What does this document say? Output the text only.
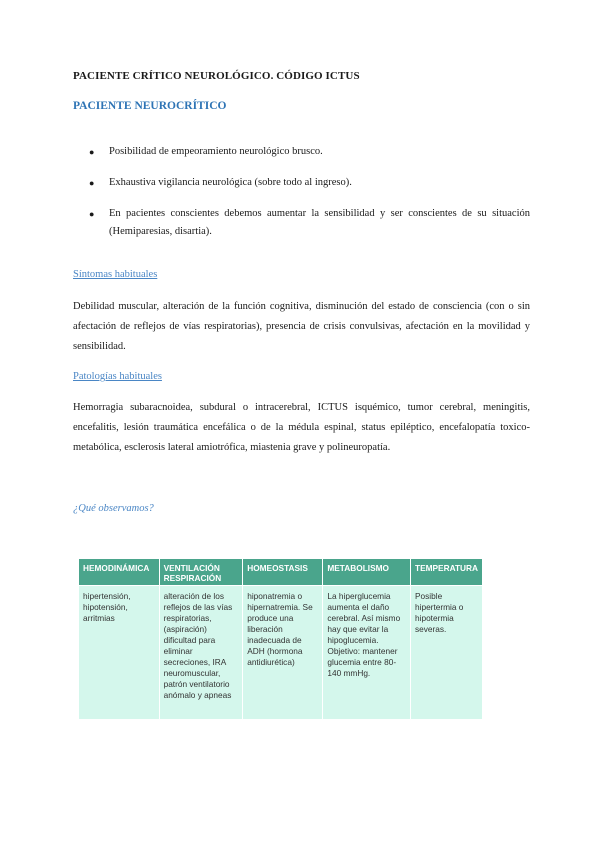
PACIENTE CRÍTICO NEUROLÓGICO. CÓDIGO ICTUS
PACIENTE NEUROCRÍTICO
● Posibilidad de empeoramiento neurológico brusco.
● Exhaustiva vigilancia neurológica (sobre todo al ingreso).
● En pacientes conscientes debemos aumentar la sensibilidad y ser conscientes de su situación (Hemiparesias, disartia).
Síntomas habituales
Debilidad muscular, alteración de la función cognitiva, disminución del estado de consciencia (con o sin afectación de reflejos de vías respiratorias), presencia de crisis convulsivas, afectación en la movilidad y sensibilidad.
Patologías habituales
Hemorragia subaracnoidea, subdural o intracerebral, ICTUS isquémico, tumor cerebral, meningitis, encefalitis, lesión traumática encefálica o de la médula espinal, status epiléptico, encefalopatía toxico-metabólica, esclerosis lateral amiotrófica, miastenia grave y polineuropatía.
¿Qué observamos?
HEMODINÁMICA	VENTILACIÓN RESPIRACIÓN	HOMEOSTASIS	METABOLISMO	TEMPERATURA
hipertensión, hipotensión, arritmias	alteración de los reflejos de las vías respiratorias, (aspiración) dificultad para eliminar secreciones, IRA neuromuscular, patrón ventilatorio anómalo y apneas	hiponatremia o hipernatremia. Se produce una liberación inadecuada de ADH (hormona antidiurética)	La hiperglucemia aumenta el daño cerebral. Así mismo hay que evitar la hipoglucemia. Objetivo: mantener glucemia entre 80-140 mmHg.	Posible hipertermia o hipotermia severas.
